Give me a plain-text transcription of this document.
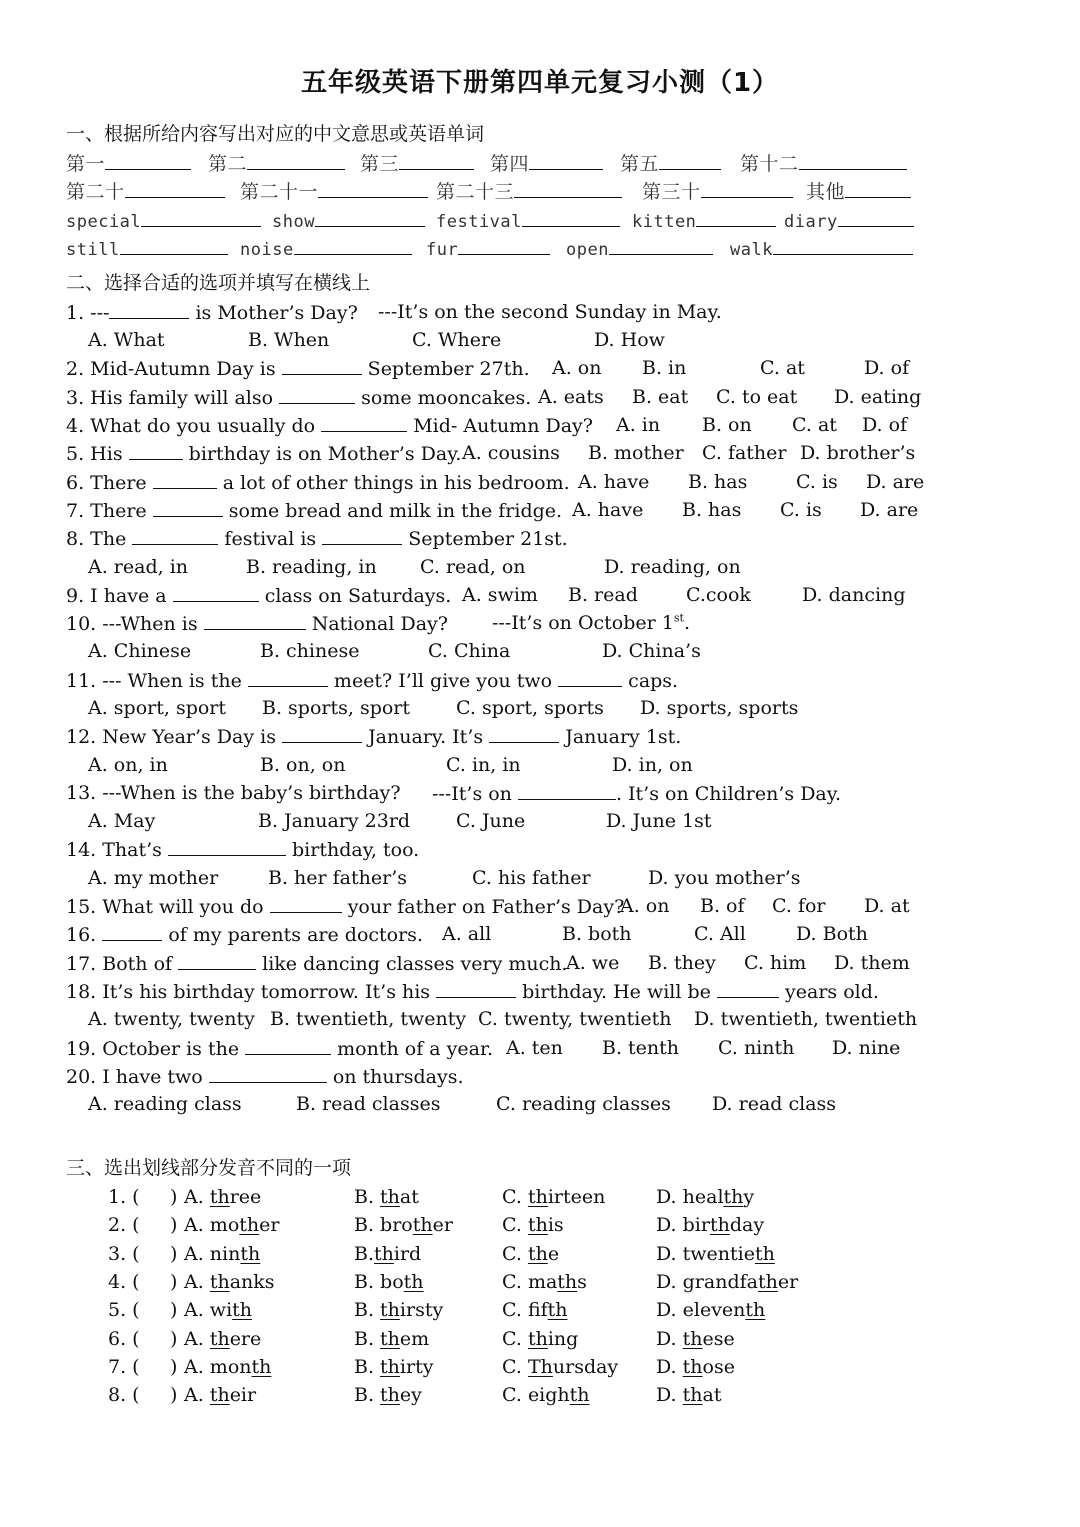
五年级英语下册第四单元复习小测（1）
一、根据所给内容写出对应的中文意思或英语单词
第一	第二	第三	第四	第五	第十二
第二十	第二十一	第二十三	第三十	其他
special	show	festival	kitten	diary
still	noise	fur	open	walk
二、选择合适的选项并填写在横线上
1. ---	is Mother’s Day? ---It’s on the second Sunday in May.
A. What	B. When	C. Where	D. How
2. Mid-Autumn Day is	September 27th. A. on B. in	C. at	D. of
3. His family will also	some mooncakes. A. eats B. eat C. to eat D. eating
4. What do you usually do	Mid- Autumn Day? A. in B. on C. at D. of
5. His	birthday is on Mother’s Day. A. cousins B. mother C. father D. brother’s
6. There	a lot of other things in his bedroom. A. have B. has	C. is D. are
7. There	some bread and milk in the fridge. A. have B. has C. is D. are
8. The	festival is	September 21st.
A. read, in	B. reading, in C. read, on	D. reading, on
9. I have a	class on Saturdays. A. swim B. read	C.cook	D. dancing
10. ---When is	National Day? ---It’s on October 1st.
A. Chinese	B. chinese	C. China	D. China’s
11. --- When is the	meet? I’ll give you two	caps.
A. sport, sport B. sports, sport C. sport, sports D. sports, sports
12. New Year’s Day is	January. It’s	January 1st.
A. on, in	B. on, on	C. in, in	D. in, on
13. ---When is the baby’s birthday? ---It’s on	. It’s on Children’s Day.
A. May	B. January 23rd C. June	D. June 1st
14. That’s	birthday, too.
A. my mother	B. her father’s	C. his father	D. you mother’s
15. What will you do	your father on Father’s Day?
A. on B. of C. for D. at
16.	of my parents are doctors. A. all	B. both	C. All	D. Both
17. Both of	like dancing classes very much.
A. we B. they C. him D. them
18. It’s his birthday tomorrow. It’s his	birthday. He will be	years old.
A. twenty, twenty B. twentieth, twenty C. twenty, twentieth D. twentieth, twentieth
19. October is the	month of a year. A. ten B. tenth C. ninth D. nine
20. I have two	on thursdays.
A. reading class	B. read classes	C. reading classes D. read class
三、选出划线部分发音不同的一项
1. ( ) A. three	B. that	C. thirteen	D. healthy
2. ( ) A. mother	B. brother	C. this	D. birthday
3. ( ) A. ninth	B.third	C. the	D. twentieth
4. ( ) A. thanks	B. both	C. maths	D. grandfather
5. ( ) A. with	B. thirsty	C. fifth	D. eleventh
6. ( ) A. there	B. them	C. thing	D. these
7. ( ) A. month	B. thirty	C. Thursday D. those
8. ( ) A. their	B. they	C. eighth	D. that
